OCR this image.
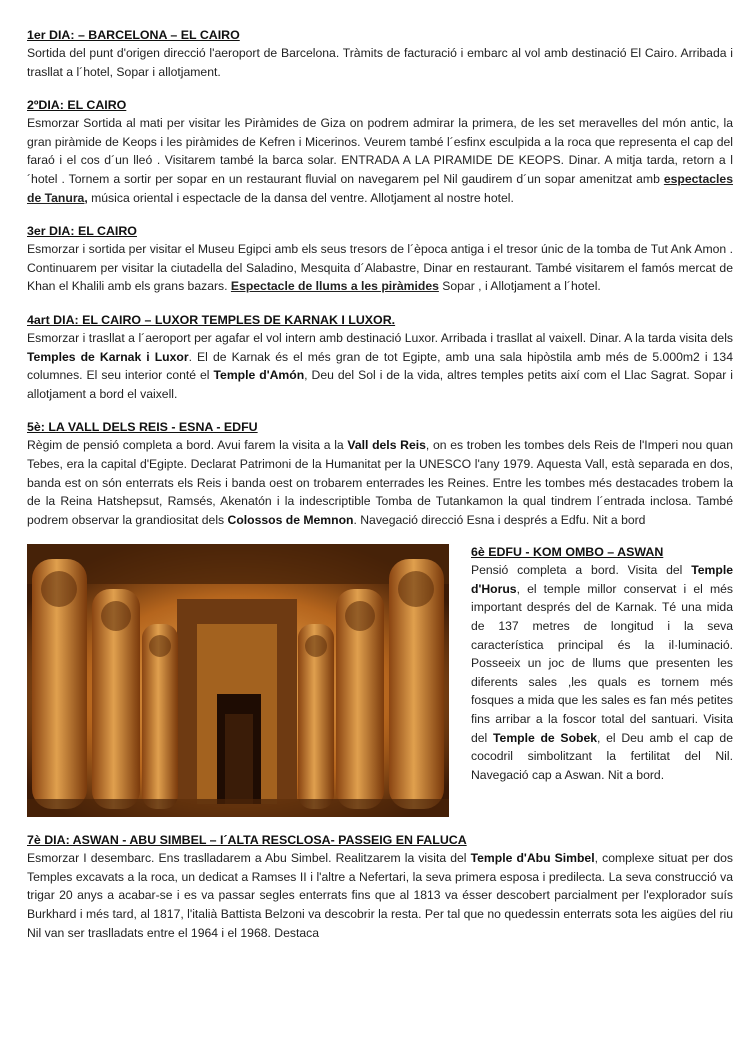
1er DIA: – BARCELONA – EL CAIRO

Sortida del punt d'origen direcció l'aeroport de Barcelona. Tràmits de facturació i embarc al vol amb destinació El Cairo. Arribada i trasllat a l´hotel, Sopar i allotjament.

2ºDIA: EL CAIRO

Esmorzar Sortida al mati per visitar les Piràmides de Giza on podrem admirar la primera, de les set meravelles del món antic, la gran piràmide de Keops i les piràmides de Kefren i Micerinos. Veurem també l´esfinx esculpida a la roca que representa el cap del faraó i el cos d´un lleó . Visitarem també la barca solar. ENTRADA A LA PIRAMIDE DE KEOPS. Dinar. A mitja tarda, retorn a l´hotel . Tornem a sortir per sopar en un restaurant fluvial on navegarem pel Nil gaudirem d´un sopar amenitzat amb espectacles de Tanura, música oriental i espectacle de la dansa del ventre. Allotjament al nostre hotel.

3er DIA: EL CAIRO

Esmorzar i sortida per visitar el Museu Egipci amb els seus tresors de l´època antiga i el tresor únic de la tomba de Tut Ank Amon . Continuarem per visitar la ciutadella del Saladino, Mesquita d´Alabastre, Dinar en restaurant. També visitarem el famós mercat de Khan el Khalili amb els grans bazars. Espectacle de llums a les piràmides Sopar , i Allotjament a l´hotel.

4art DIA: EL CAIRO – LUXOR TEMPLES DE KARNAK I LUXOR.

Esmorzar i trasllat a l´aeroport per agafar el vol intern amb destinació Luxor. Arribada i trasllat al vaixell. Dinar. A la tarda visita dels Temples de Karnak i Luxor. El de Karnak és el més gran de tot Egipte, amb una sala hipòstila amb més de 5.000m2 i 134 columnes. El seu interior conté el Temple d'Amón, Deu del Sol i de la vida, altres temples petits així com el Llac Sagrat. Sopar i allotjament a bord el vaixell.

5è: LA VALL DELS REIS - ESNA - EDFU

Règim de pensió completa a bord. Avui farem la visita a la Vall dels Reis, on es troben les tombes dels Reis de l'Imperi nou quan Tebes, era la capital d'Egipte. Declarat Patrimoni de la Humanitat per la UNESCO l'any 1979. Aquesta Vall, està separada en dos, banda est on són enterrats els Reis i banda oest on trobarem enterrades les Reines. Entre les tombes més destacades trobem la de la Reina Hatshepsut, Ramsés, Akenatón i la indescriptible Tomba de Tutankamon la qual tindrem l´entrada inclosa. També podrem observar la grandiositat dels Colossos de Memnon. Navegació direcció Esna i després a Edfu. Nit a bord

6è EDFU - KOM OMBO – ASWAN

Pensió completa a bord. Visita del Temple d'Horus, el temple millor conservat i el més important després del de Karnak. Té una mida de 137 metres de longitud i la seva característica principal és la il·luminació. Posseeix un joc de llums que presenten les diferents sales ,les quals es tornem més fosques a mida que les sales es fan més petites fins arribar a la foscor total del santuari. Visita del Temple de Sobek, el Deu amb el cap de cocodril simbolitzant la fertilitat del Nil. Navegació cap a Aswan. Nit a bord.

7è DIA: ASWAN - ABU SIMBEL – I´ALTA RESCLOSA- PASSEIG EN FALUCA

Esmorzar I desembarc. Ens traslladarem a Abu Simbel. Realitzarem la visita del Temple d'Abu Simbel, complexe situat per dos Temples excavats a la roca, un dedicat a Ramses II i l'altre a Nefertari, la seva primera esposa i predilecta. La seva construcció va trigar 20 anys a acabar-se i es va passar segles enterrats fins que al 1813 va ésser descobert parcialment per l'explorador suís Burkhard i més tard, al 1817, l'italià Battista Belzoni va descobrir la resta. Per tal que no quedessin enterrats sota les aigües del riu Nil van ser traslladats entre el 1964 i el 1968. Destaca
